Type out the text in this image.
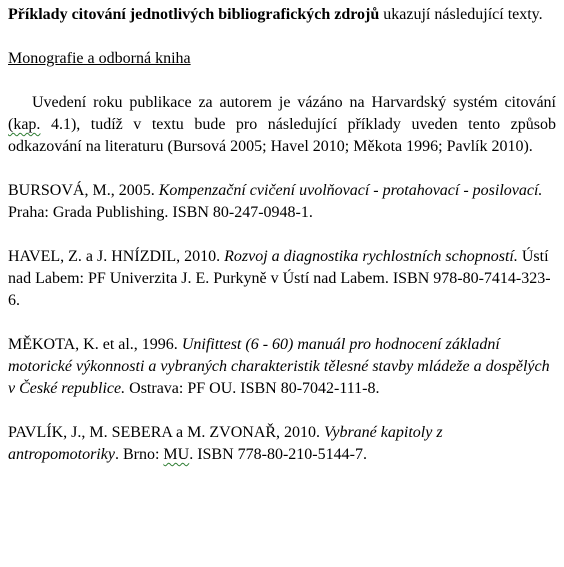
Příklady citování jednotlivých bibliografických zdrojů ukazují následující texty.

Monografie a odborná kniha

Uvedení roku publikace za autorem je vázáno na Harvardský systém citování (kap. 4.1), tudíž v textu bude pro následující příklady uveden tento způsob odkazování na literaturu (Bursová 2005; Havel 2010; Měkota 1996; Pavlík 2010).

BURSOVÁ, M., 2005. Kompenzační cvičení uvolňovací - protahovací - posilovací. Praha: Grada Publishing. ISBN 80-247-0948-1.

HAVEL, Z. a J. HNÍZDIL, 2010. Rozvoj a diagnostika rychlostních schopností. Ústí nad Labem: PF Univerzita J. E. Purkyně v Ústí nad Labem. ISBN 978-80-7414-323-6.

MĚKOTA, K. et al., 1996. Unifittest (6 - 60) manuál pro hodnocení základní motorické výkonnosti a vybraných charakteristik tělesné stavby mládeže a dospělých v České republice. Ostrava: PF OU. ISBN 80-7042-111-8.

PAVLÍK, J., M. SEBERA a M. ZVONAŘ, 2010. Vybrané kapitoly z antropomotoriky. Brno: MU. ISBN 778-80-210-5144-7.
